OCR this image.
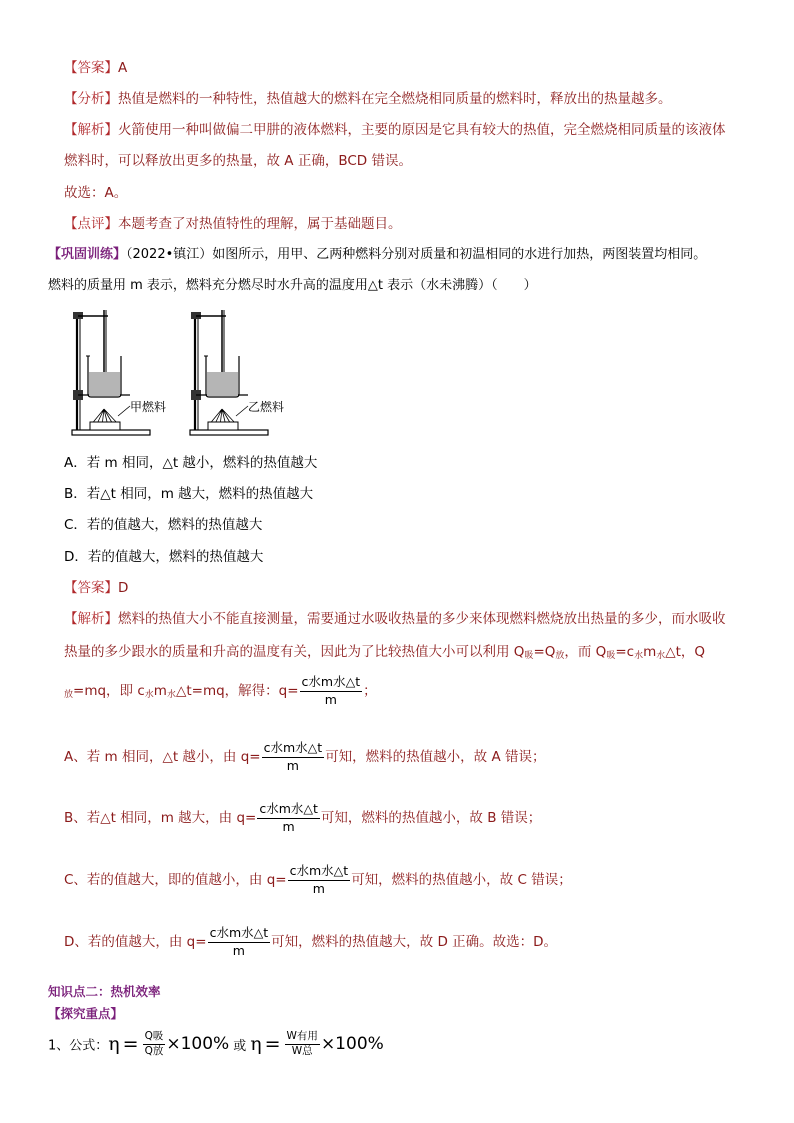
【答案】A
【分析】热值是燃料的一种特性，热值越大的燃料在完全燃烧相同质量的燃料时，释放出的热量越多。
【解析】火箭使用一种叫做偏二甲肼的液体燃料，主要的原因是它具有较大的热值，完全燃烧相同质量的该液体
燃料时，可以释放出更多的热量，故 A 正确，BCD 错误。
故选：A。
【点评】本题考查了对热值特性的理解，属于基础题目。
【巩固训练】（2022•镇江）如图所示，用甲、乙两种燃料分别对质量和初温相同的水进行加热，两图装置均相同。
燃料的质量用 m 表示，燃料充分燃尽时水升高的温度用△t 表示（水未沸腾）（　　）
甲燃料	乙燃料
A．若 m 相同，△t 越小，燃料的热值越大
B．若△t 相同，m 越大，燃料的热值越大
C．若的值越大，燃料的热值越大
D．若的值越大，燃料的热值越大
【答案】D
【解析】燃料的热值大小不能直接测量，需要通过水吸收热量的多少来体现燃料燃烧放出热量的多少，而水吸收
热量的多少跟水的质量和升高的温度有关，因此为了比较热值大小可以利用 $Q_吸=Q_放$，而 $Q_吸=c_水m_水\triangle t$，Q
$_放$=mq，即 $c_水m_水\triangle t=mq$，解得：$q= \frac{\text{c水m水△t}}{m}$ ；
A、若 m 相同，△t 越小，由 $q= \frac{\text{c水m水△t}}{m}$ 可知，燃料的热值越小，故 A 错误；
B、若△t 相同，m 越大，由 $q= \frac{\text{c水m水△t}}{m}$ 可知，燃料的热值越小，故 B 错误；
C、若的值越大，即的值越小，由 $q= \frac{\text{c水m水△t}}{m}$ 可知，燃料的热值越小，故 C 错误；
D、若的值越大，由 $q= \frac{\text{c水m水△t}}{m}$ 可知，燃料的热值越大，故 D 正确。故选：D。
知识点二：热机效率
【探究重点】
1、公式：$\eta = \frac{\text{Q吸}}{\text{Q放}} \times 100\%$ 或 $\eta = \frac{\text{W有用}}{\text{W总}} \times 100\%$
